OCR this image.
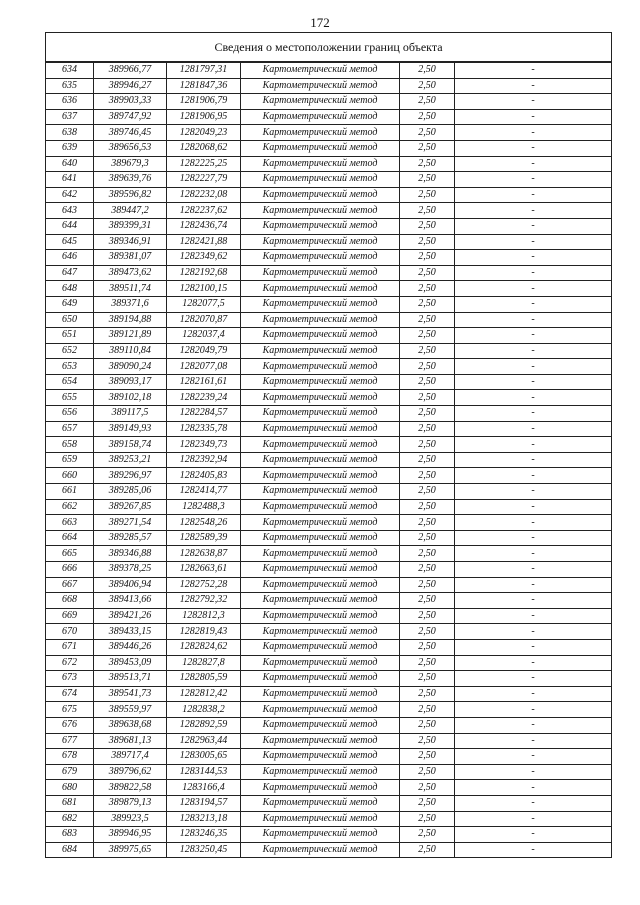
172
Сведения о местоположении границ объекта					
634	389966,77	1281797,31	Картометрический метод	2,50	-
635	389946,27	1281847,36	Картометрический метод	2,50	-
636	389903,33	1281906,79	Картометрический метод	2,50	-
637	389747,92	1281906,95	Картометрический метод	2,50	-
638	389746,45	1282049,23	Картометрический метод	2,50	-
639	389656,53	1282068,62	Картометрический метод	2,50	-
640	389679,3	1282225,25	Картометрический метод	2,50	-
641	389639,76	1282227,79	Картометрический метод	2,50	-
642	389596,82	1282232,08	Картометрический метод	2,50	-
643	389447,2	1282237,62	Картометрический метод	2,50	-
644	389399,31	1282436,74	Картометрический метод	2,50	-
645	389346,91	1282421,88	Картометрический метод	2,50	-
646	389381,07	1282349,62	Картометрический метод	2,50	-
647	389473,62	1282192,68	Картометрический метод	2,50	-
648	389511,74	1282100,15	Картометрический метод	2,50	-
649	389371,6	1282077,5	Картометрический метод	2,50	-
650	389194,88	1282070,87	Картометрический метод	2,50	-
651	389121,89	1282037,4	Картометрический метод	2,50	-
652	389110,84	1282049,79	Картометрический метод	2,50	-
653	389090,24	1282077,08	Картометрический метод	2,50	-
654	389093,17	1282161,61	Картометрический метод	2,50	-
655	389102,18	1282239,24	Картометрический метод	2,50	-
656	389117,5	1282284,57	Картометрический метод	2,50	-
657	389149,93	1282335,78	Картометрический метод	2,50	-
658	389158,74	1282349,73	Картометрический метод	2,50	-
659	389253,21	1282392,94	Картометрический метод	2,50	-
660	389296,97	1282405,83	Картометрический метод	2,50	-
661	389285,06	1282414,77	Картометрический метод	2,50	-
662	389267,85	1282488,3	Картометрический метод	2,50	-
663	389271,54	1282548,26	Картометрический метод	2,50	-
664	389285,57	1282589,39	Картометрический метод	2,50	-
665	389346,88	1282638,87	Картометрический метод	2,50	-
666	389378,25	1282663,61	Картометрический метод	2,50	-
667	389406,94	1282752,28	Картометрический метод	2,50	-
668	389413,66	1282792,32	Картометрический метод	2,50	-
669	389421,26	1282812,3	Картометрический метод	2,50	-
670	389433,15	1282819,43	Картометрический метод	2,50	-
671	389446,26	1282824,62	Картометрический метод	2,50	-
672	389453,09	1282827,8	Картометрический метод	2,50	-
673	389513,71	1282805,59	Картометрический метод	2,50	-
674	389541,73	1282812,42	Картометрический метод	2,50	-
675	389559,97	1282838,2	Картометрический метод	2,50	-
676	389638,68	1282892,59	Картометрический метод	2,50	-
677	389681,13	1282963,44	Картометрический метод	2,50	-
678	389717,4	1283005,65	Картометрический метод	2,50	-
679	389796,62	1283144,53	Картометрический метод	2,50	-
680	389822,58	1283166,4	Картометрический метод	2,50	-
681	389879,13	1283194,57	Картометрический метод	2,50	-
682	389923,5	1283213,18	Картометрический метод	2,50	-
683	389946,95	1283246,35	Картометрический метод	2,50	-
684	389975,65	1283250,45	Картометрический метод	2,50	-
